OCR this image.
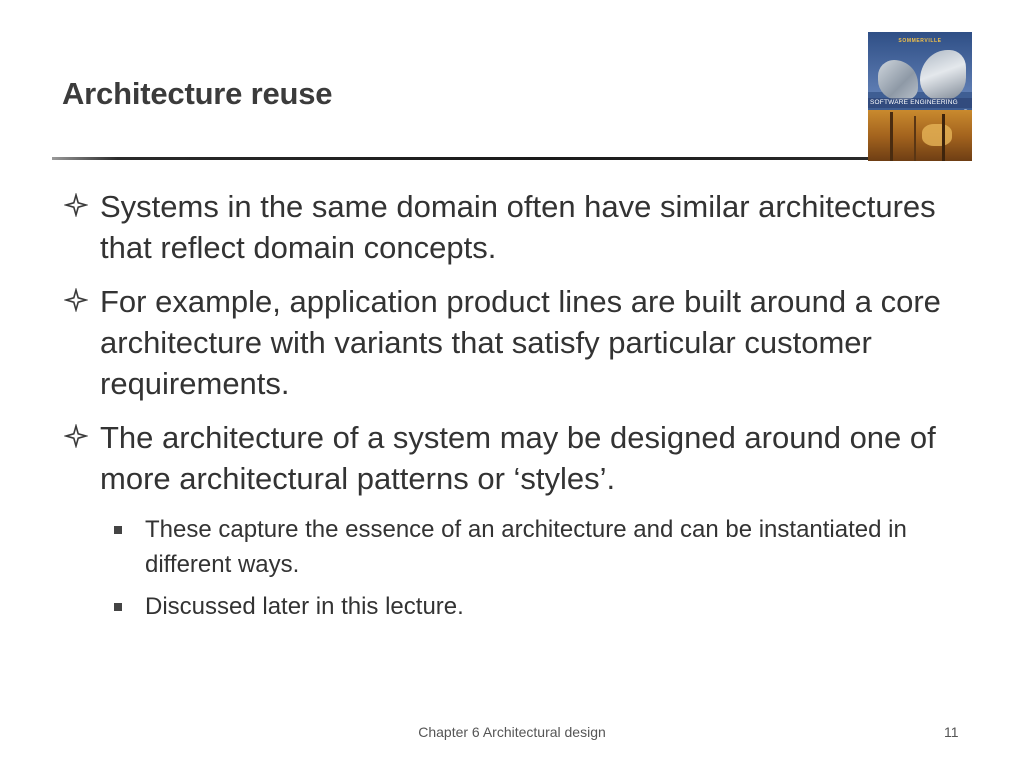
Architecture reuse
SOMMERVILLE
SOFTWARE ENGINEERING
Systems in the same domain often have similar architectures that reflect domain concepts.
For example, application product lines are built around a core architecture with variants that satisfy particular customer requirements.
The architecture of a system may be designed around one of more architectural patterns or ‘styles’.
These capture the essence of an architecture and can be instantiated in different ways.
Discussed later in this lecture.
Chapter 6 Architectural design	11
